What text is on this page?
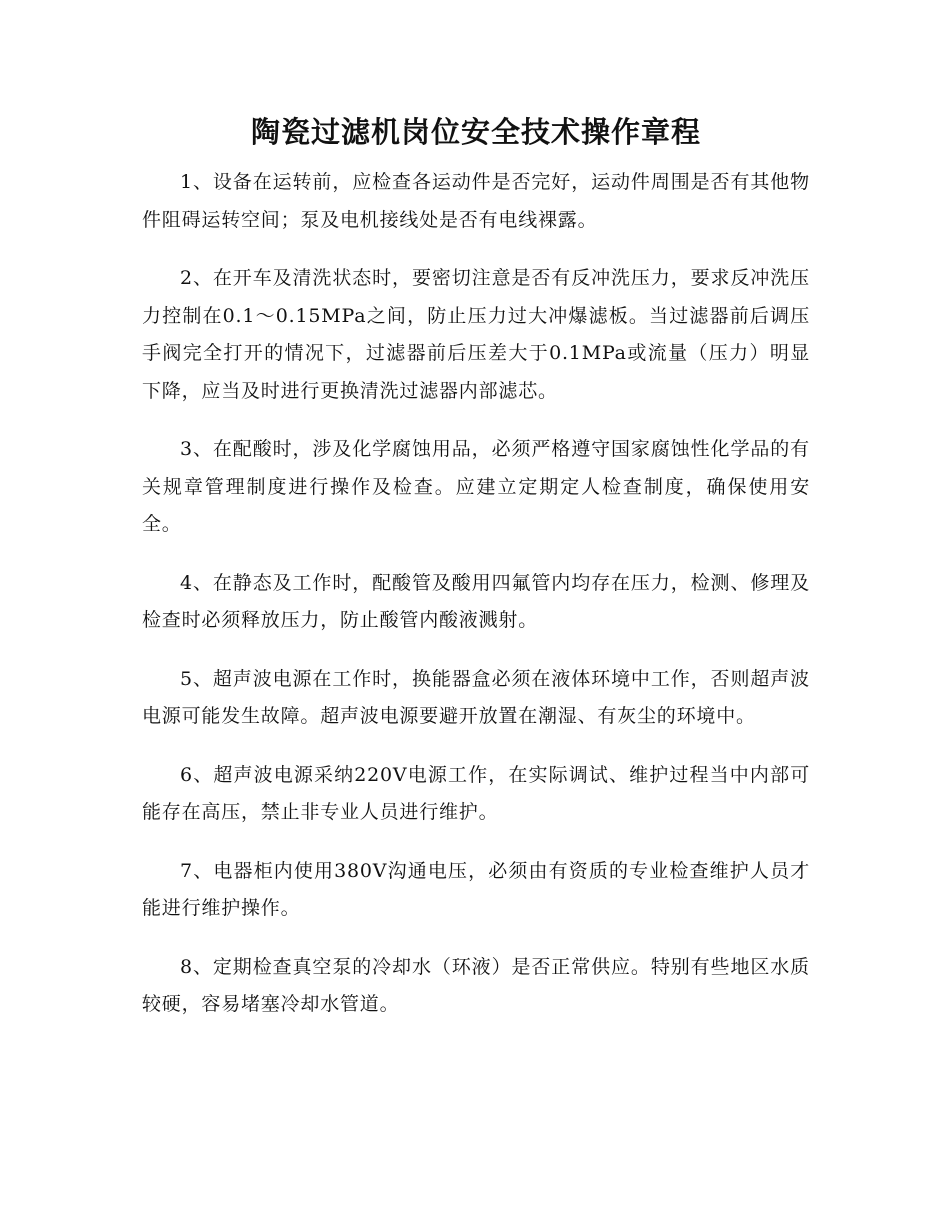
陶瓷过滤机岗位安全技术操作章程

1、设备在运转前，应检查各运动件是否完好，运动件周围是否有其他物件阻碍运转空间；泵及电机接线处是否有电线裸露。

2、在开车及清洗状态时，要密切注意是否有反冲洗压力，要求反冲洗压力控制在0.1～0.15MPa之间，防止压力过大冲爆滤板。当过滤器前后调压手阀完全打开的情况下，过滤器前后压差大于0.1MPa或流量（压力）明显下降，应当及时进行更换清洗过滤器内部滤芯。

3、在配酸时，涉及化学腐蚀用品，必须严格遵守国家腐蚀性化学品的有关规章管理制度进行操作及检查。应建立定期定人检查制度，确保使用安全。

4、在静态及工作时，配酸管及酸用四氟管内均存在压力，检测、修理及检查时必须释放压力，防止酸管内酸液溅射。

5、超声波电源在工作时，换能器盒必须在液体环境中工作，否则超声波电源可能发生故障。超声波电源要避开放置在潮湿、有灰尘的环境中。

6、超声波电源采纳220V电源工作，在实际调试、维护过程当中内部可能存在高压，禁止非专业人员进行维护。

7、电器柜内使用380V沟通电压，必须由有资质的专业检查维护人员才能进行维护操作。

8、定期检查真空泵的冷却水（环液）是否正常供应。特别有些地区水质较硬，容易堵塞冷却水管道。
